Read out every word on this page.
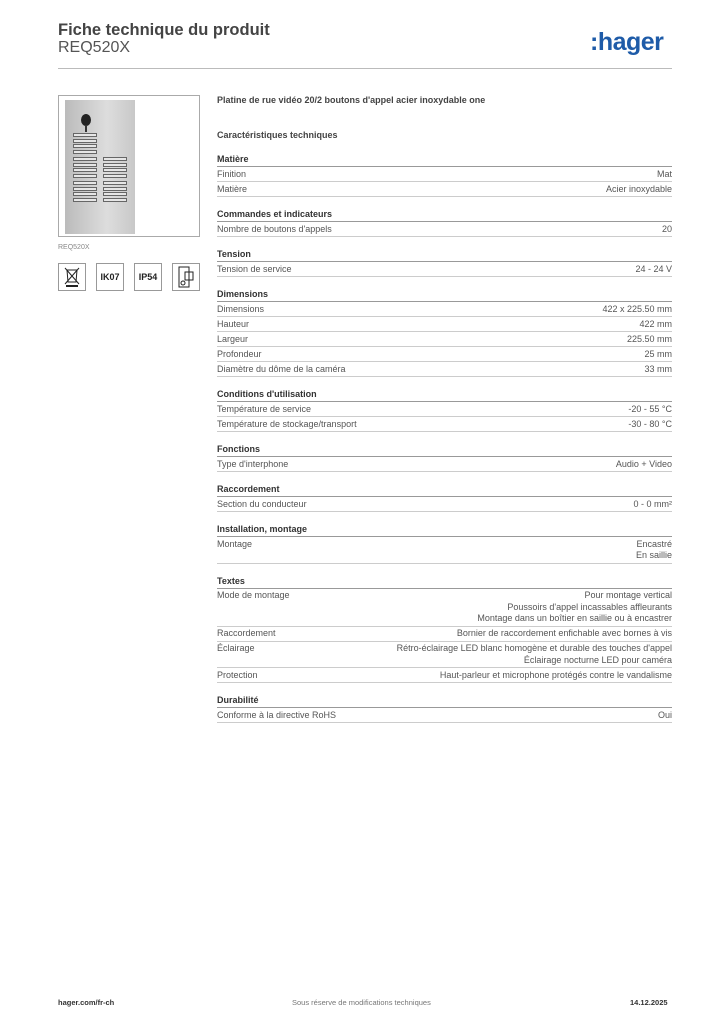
Fiche technique du produit
REQ520X	:hager
REQ520X
IK07	IP54
Platine de rue vidéo 20/2 boutons d'appel acier inoxydable one
Caractéristiques techniques
Matière
Finition	Mat
Matière	Acier inoxydable
Commandes et indicateurs
Nombre de boutons d'appels	20
Tension
Tension de service	24 - 24 V
Dimensions
Dimensions	422 x 225.50 mm
Hauteur	422 mm
Largeur	225.50 mm
Profondeur	25 mm
Diamètre du dôme de la caméra	33 mm
Conditions d'utilisation
Température de service	-20 - 55 °C
Température de stockage/transport	-30 - 80 °C
Fonctions
Type d'interphone	Audio + Video
Raccordement
Section du conducteur	0 - 0 mm²
Installation, montage
Montage	Encastré
En saillie
Textes
Mode de montage	Pour montage vertical
Poussoirs d'appel incassables affleurants
Montage dans un boîtier en saillie ou à encastrer
Raccordement	Bornier de raccordement enfichable avec bornes à vis
Éclairage	Rétro-éclairage LED blanc homogène et durable des touches d'appel
Éclairage nocturne LED pour caméra
Protection	Haut-parleur et microphone protégés contre le vandalisme
Durabilité
Conforme à la directive RoHS	Oui
hager.com/fr-ch	Sous réserve de modifications techniques	14.12.2025
